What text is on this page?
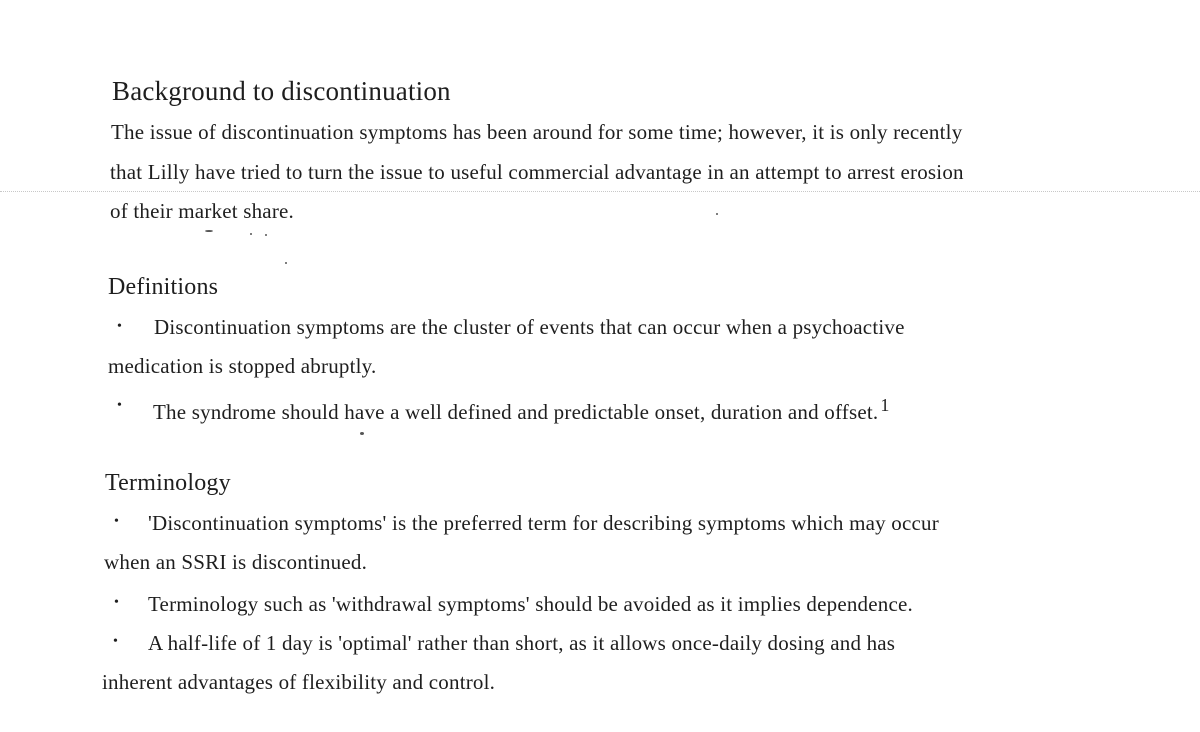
Background to discontinuation
The issue of discontinuation symptoms has been around for some time; however, it is only recently
that Lilly have tried to turn the issue to useful commercial advantage in an attempt to arrest erosion
of their market share.
Definitions
• Discontinuation symptoms are the cluster of events that can occur when a psychoactive
medication is stopped abruptly.
• The syndrome should have a well defined and predictable onset, duration and offset. $^1$
Terminology
• 'Discontinuation symptoms' is the preferred term for describing symptoms which may occur
when an SSRI is discontinued.
• Terminology such as 'withdrawal symptoms' should be avoided as it implies dependence.
• A half-life of 1 day is 'optimal' rather than short, as it allows once-daily dosing and has
inherent advantages of flexibility and control.
